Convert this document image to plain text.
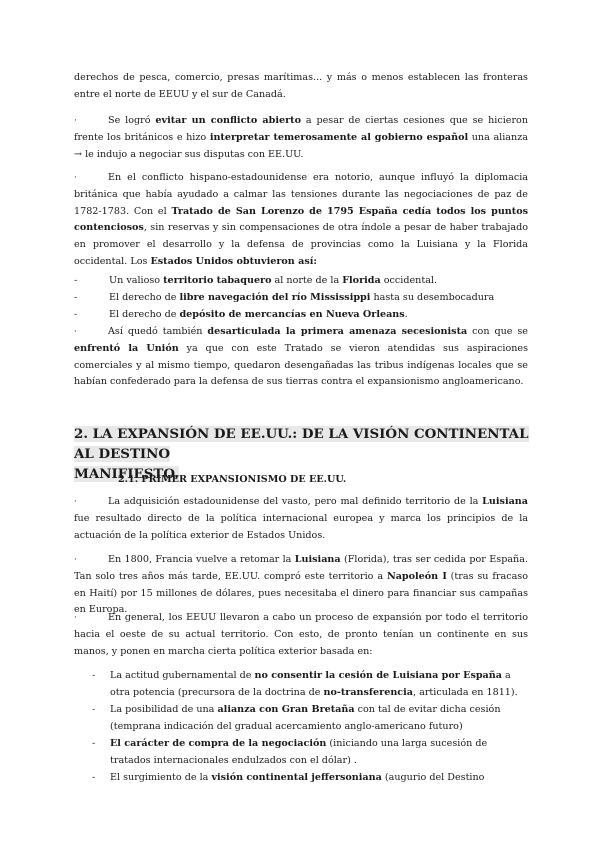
derechos de pesca, comercio, presas marítimas... y más o menos establecen las fronteras entre el norte de EEUU y el sur de Canadá.

·	Se logró evitar un conflicto abierto a pesar de ciertas cesiones que se hicieron frente los británicos e hizo interpretar temerosamente al gobierno español una alianza → le indujo a negociar sus disputas con EE.UU.

·	En el conflicto hispano-estadounidense era notorio, aunque influyó la diplomacia británica que había ayudado a calmar las tensiones durante las negociaciones de paz de 1782-1783. Con el Tratado de San Lorenzo de 1795 España cedía todos los puntos contenciosos, sin reservas y sin compensaciones de otra índole a pesar de haber trabajado en promover el desarrollo y la defensa de provincias como la Luisiana y la Florida occidental. Los Estados Unidos obtuvieron así:

-	Un valioso territorio tabaquero al norte de la Florida occidental.
-	El derecho de libre navegación del río Mississippi hasta su desembocadura
-	El derecho de depósito de mercancías en Nueva Orleans.
·	Así quedó también desarticulada la primera amenaza secesionista con que se enfrentó la Unión ya que con este Tratado se vieron atendidas sus aspiraciones comerciales y al mismo tiempo, quedaron desengañadas las tribus indígenas locales que se habían confederado para la defensa de sus tierras contra el expansionismo angloamericano.

2. LA EXPANSIÓN DE EE.UU.: DE LA VISIÓN CONTINENTAL AL DESTINO
MANIFIESTO.
2.1. PRIMER EXPANSIONISMO DE EE.UU.
·	La adquisición estadounidense del vasto, pero mal definido territorio de la Luisiana fue resultado directo de la política internacional europea y marca los principios de la actuación de la política exterior de Estados Unidos.

·	En 1800, Francia vuelve a retomar la Luisiana (Florida), tras ser cedida por España. Tan solo tres años más tarde, EE.UU. compró este territorio a Napoleón I (tras su fracaso en Haití) por 15 millones de dólares, pues necesitaba el dinero para financiar sus campañas en Europa.

·	En general, los EEUU llevaron a cabo un proceso de expansión por todo el territorio hacia el oeste de su actual territorio. Con esto, de pronto tenían un continente en sus manos, y ponen en marcha cierta política exterior basada en:

- La actitud gubernamental de no consentir la cesión de Luisiana por España a otra potencia (precursora de la doctrina de no-transferencia, articulada en 1811).
- La posibilidad de una alianza con Gran Bretaña con tal de evitar dicha cesión (temprana indicación del gradual acercamiento anglo-americano futuro)
- El carácter de compra de la negociación (iniciando una larga sucesión de tratados internacionales endulzados con el dólar) .
- El surgimiento de la visión continental jeffersoniana (augurio del Destino
